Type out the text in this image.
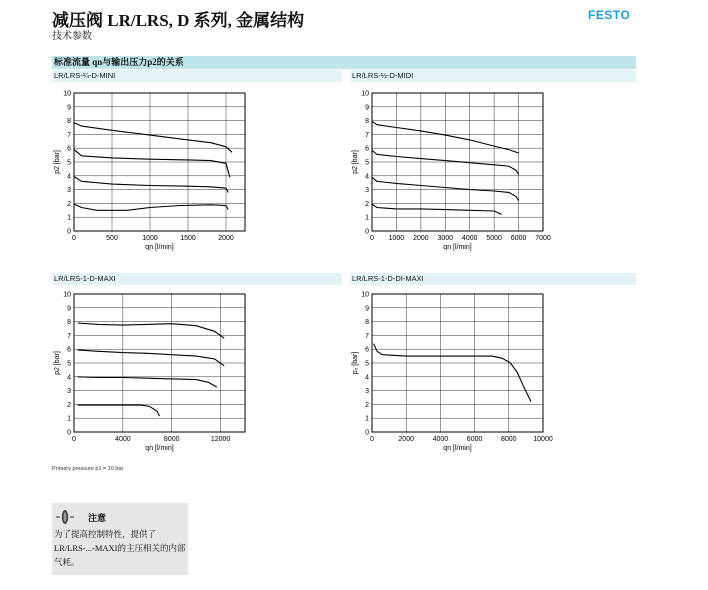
减压阀 LR/LRS, D 系列, 金属结构
技术参数
FESTO
标准流量 qn与输出压力p2的关系
LR/LRS-¼-D-MINI	LR/LRS-½-D-MIDI
LR/LRS-1-D-MAXI	LR/LRS-1-D-DI-MAXI
0
1
2
3
4
5
6
7
8
9
10
0	500	1000	1500	2000
qn [l/min]
p2 [bar]
0
1
2
3
4
5
6
7
8
9
10
0 1000 2000 3000 4000 5000 6000 7000
qn [l/min]
p2 [bar]
0
1
2
3
4
5
6
7
8
9
10
0	4000	8000	12000
qn [l/min]
p2 [bar]
0
1
2
3
4
5
6
7
8
9
10
0	2000	4000	6000	8000 10000
qn [l/min]
p₂ [bar]
Primary pressure p1 = 10 bar
注意
为了提高控制特性，提供了LR/LRS-...-MAXI的主压相关的内部气耗。
